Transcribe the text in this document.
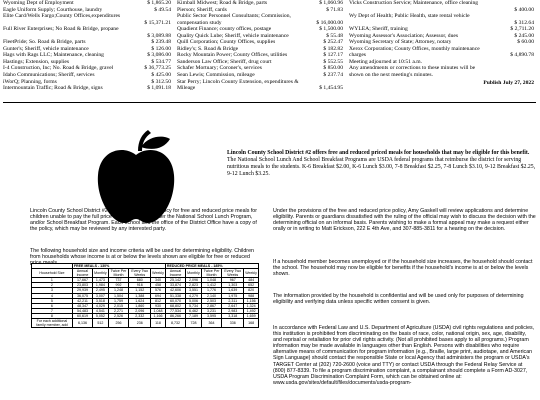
Wyoming Dept of Employment	$ 1,865.20
Eagle Uniform Supply; Courthouse, laundry	$ 49.54
Elite Card/Wells Fargo;County Offices,expenditures
$ 15,371.21
Full River Enterprises; No Road & Bridge, propane
$ 3,089.88
FleetPride; So. Road & Bridge, parts	$ 239.48
Gunter's; Sheriff, vehicle maintenance	$ 126.00
Hags with Rags LLC; Maintenance, cleaning	$ 3,086.00
Hastings; Extension, supplies	$ 534.77
I-4 Construction, Inc; No. Road & Bridge, gravel	$ 36,773.25
Idaho Communications; Sheriff, services	$ 425.00
iWorQ; Planning, forms	$ 312.50
Intermountain Traffic; Road & Bridge, signs	$ 1,091.18
Kimball Midwest; Road & Bridge, parts	$ 1,060.96
Pierson; Sheriff, cards	$ 71.83
Public Sector Personnel Consultants; Commission,
compensation study	$ 16,000.00
Quadient Finance; county offices, postage	$ 1,500.00
Quality Quick Lube; Sheriff, vehicle maintenance	$ 55.48
Quill Corporation; County Offices, supplies	$ 252.47
Ridley's; S. Road & Bridge	$ 182.82
Rocky Mountain Power; County Offices, utilities	$ 127.17
Sanderson Law Office; Sheriff, drug court	$ 552.55
Schafer Mortuary; Coroner's, services	$ 850.00
Sean Lewis; Commission, mileage	$ 237.74
Star Perry; Lincoln County Extension, expenditures &
Mileage	$ 1,454.95
Vicks Construction Service; Maintenance, office cleaning
$ 400.00
Wy Dept of Health; Public Health, state rental vehicle
$ 312.64
WYLEA; Sheriff, training	$ 2,711.20
Wyoming Assessor's Association; Assessor, dues	$ 245.00
Wyoming Secretary of State; Attorney, notary	$ 60.00
Xerox Corporation; County Offices, monthly maintenance
charges	$ 4,890.78
Meeting adjourned at 10:51 a.m.
Any amendments or corrections to these minutes will be
shown on the next meeting's minutes.
Publish July 27, 2022
Lincoln County School District #2 offers free and reduced priced meals for households that may be eligible for this benefit. The National School Lunch And School Breakfast Programs are USDA federal programs that reimburse the district for serving nutritious meals to the students. K-6 Breakfast $2.00, K-6 Lunch $3.00, 7-8 Breakfast $2.25, 7-8 Lunch $3.10, 9-12 Breakfast $2.25, 9-12 Lunch $3.25.
Lincoln County School District #2 today announced its policy for free and reduced price meals for children unable to pay the full price of meals served under the National School Lunch Program, and/or School Breakfast Program. Each school and the office of the District Office have a copy of the policy, which may be reviewed by any interested party.
The following household size and income criteria will be used for determining eligibility. Children from households whose income is at or below the levels shown are eligible for free or reduced price meals.
		FREE MEALS - 130%					REDUCED PRICE MEALS - 185%				
Household Size	Annual Income	Monthly	Twice Per Month	Every Two Weeks	Weekly	Annual Income	Monthly	Twice Per Month	Every Two Weeks	Weekly
1	17,667	1,473	737	680	340	25,142	2,096	1,048	967	484
2	23,803	1,984	992	916	458	33,874	2,823	1,412	1,303	652
3	29,939	2,495	1,248	1,152	576	42,606	3,551	1,776	1,639	820
4	36,075	3,007	1,504	1,388	694	51,338	4,279	2,140	1,975	988
5	42,211	3,518	1,759	1,624	812	60,070	5,006	2,503	2,311	1,156
6	48,347	4,029	2,015	1,860	930	68,802	5,734	2,867	2,647	1,324
7	54,483	4,541	2,271	2,096	1,048	77,534	6,462	3,231	2,983	1,492
8	60,619	5,052	2,526	2,332	1,166	86,266	7,189	3,595	3,318	1,659
For each additional family member, add	6,136	512	256	236	118	8,732	728	364	336	168
Under the provisions of the free and reduced price policy, Amy Gaskell will review applications and determine eligibility. Parents or guardians dissatisfied with the ruling of the official may wish to discuss the decision with the determining official on an informal basis. Parents wishing to make a formal appeal may make a request either orally or in writing to Matt Erickson, 222 E 4th Ave, and 307-885-3811 for a hearing on the decision.
If a household member becomes unemployed or if the household size increases, the household should contact the school. The household may now be eligible for benefits if the household's income is at or below the levels shown.
The information provided by the household is confidential and will be used only for purposes of determining eligibility and verifying data unless specific written consent is given.
In accordance with Federal Law and U.S. Department of Agriculture (USDA) civil rights regulations and policies, this institution is prohibited from discriminating on the basis of race, color, national origin, sex, age, disability, and reprisal or retaliation for prior civil rights activity. (Not all prohibited bases apply to all programs.) Program information may be made available in languages other than English. Persons with disabilities who require alternative means of communication for program information (e.g., Braille, large print, audiotape, and American Sign Language) should contact the responsible State or local Agency that administers the program or USDA's TARGET Center at (202) 720-2600 (voice and TTY) or contact USDA through the Federal Relay Service at (800) 877-8339. To file a program discrimination complaint, a complainant should complete a Form AD-3027, USDA Program Discrimination Complaint Form, which can be obtained online at: www.usda.gov/sites/default/files/documents/usda-program-
